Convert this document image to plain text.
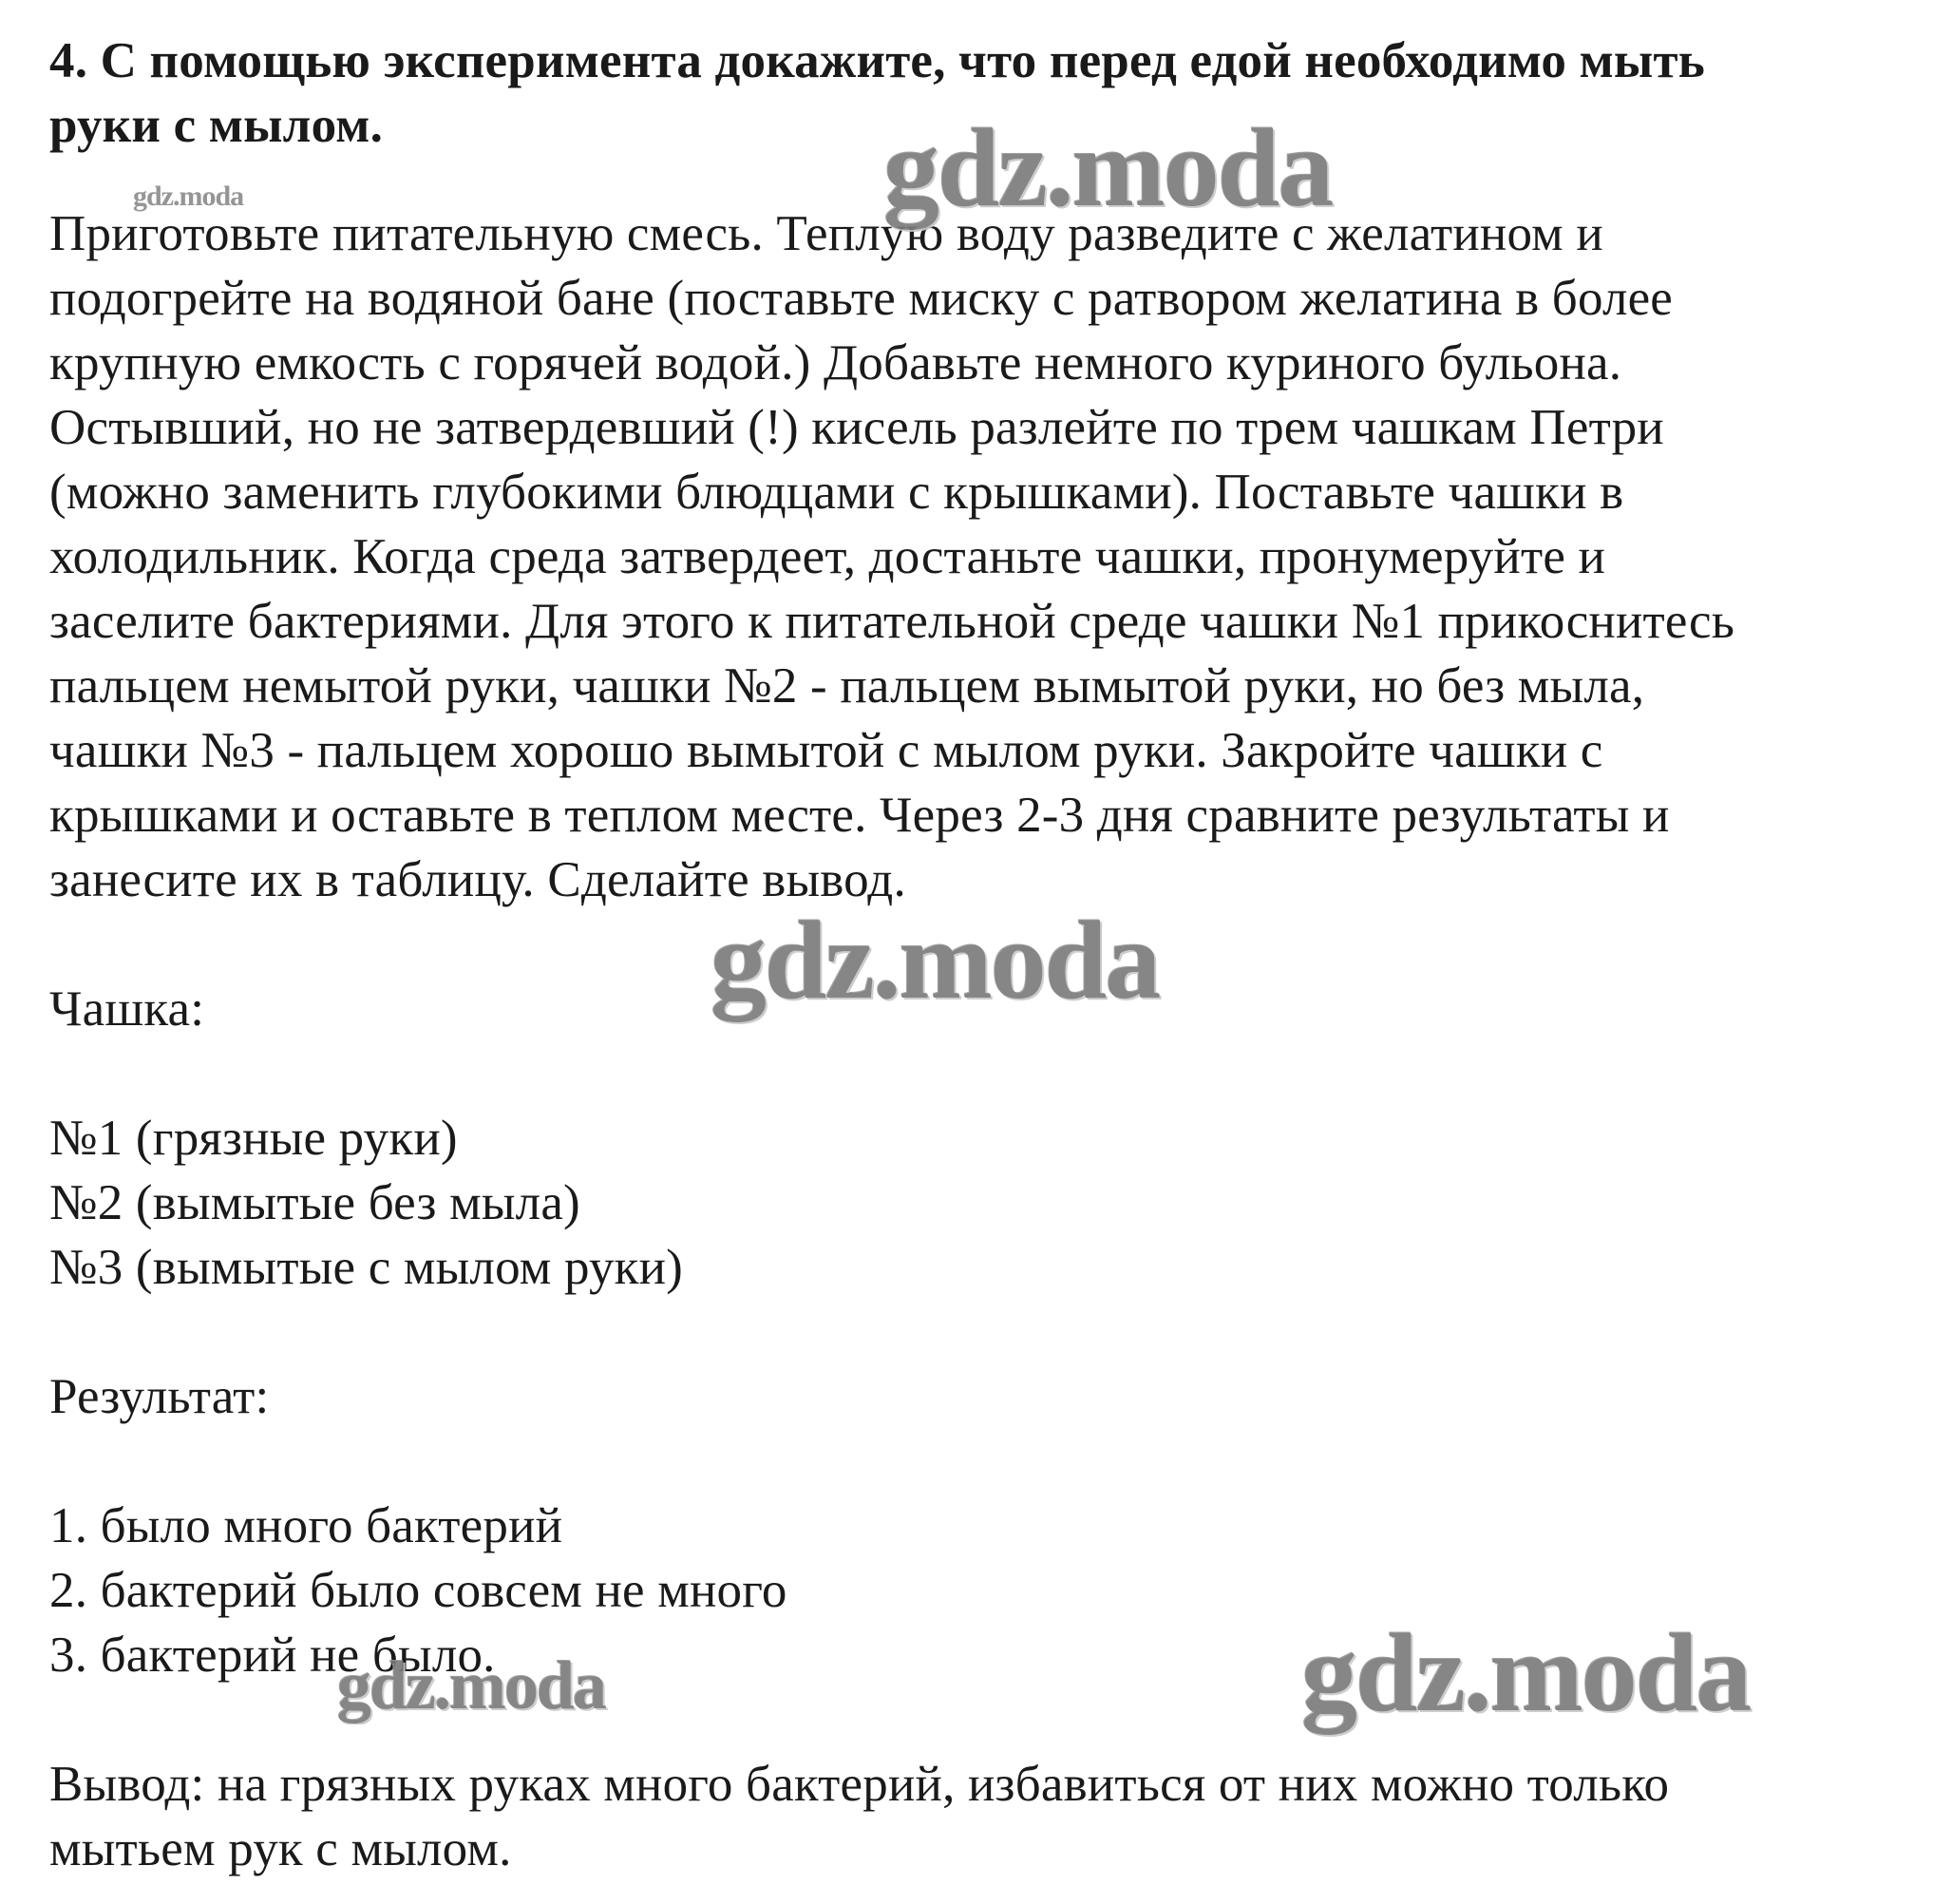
4. С помощью эксперимента докажите, что перед едой необходимо мыть
руки с мылом.
Приготовьте питательную смесь. Теплую воду разведите с желатином и
подогрейте на водяной бане (поставьте миску с ратвором желатина в более
крупную емкость с горячей водой.) Добавьте немного куриного бульона.
Остывший, но не затвердевший (!) кисель разлейте по трем чашкам Петри
(можно заменить глубокими блюдцами с крышками). Поставьте чашки в
холодильник. Когда среда затвердеет, достаньте чашки, пронумеруйте и
заселите бактериями. Для этого к питательной среде чашки №1 прикоснитесь
пальцем немытой руки, чашки №2 - пальцем вымытой руки, но без мыла,
чашки №3 - пальцем хорошо вымытой с мылом руки. Закройте чашки с
крышками и оставьте в теплом месте. Через 2-3 дня сравните результаты и
занесите их в таблицу. Сделайте вывод.
Чашка:
№1 (грязные руки)
№2 (вымытые без мыла)
№3 (вымытые с мылом руки)
Результат:
1. было много бактерий
2. бактерий было совсем не много
3. бактерий не было.
Вывод: на грязных руках много бактерий, избавиться от них можно только
мытьем рук с мылом.
gdz.moda	gdz.moda
gdz.moda
gdz.moda	gdz.moda
